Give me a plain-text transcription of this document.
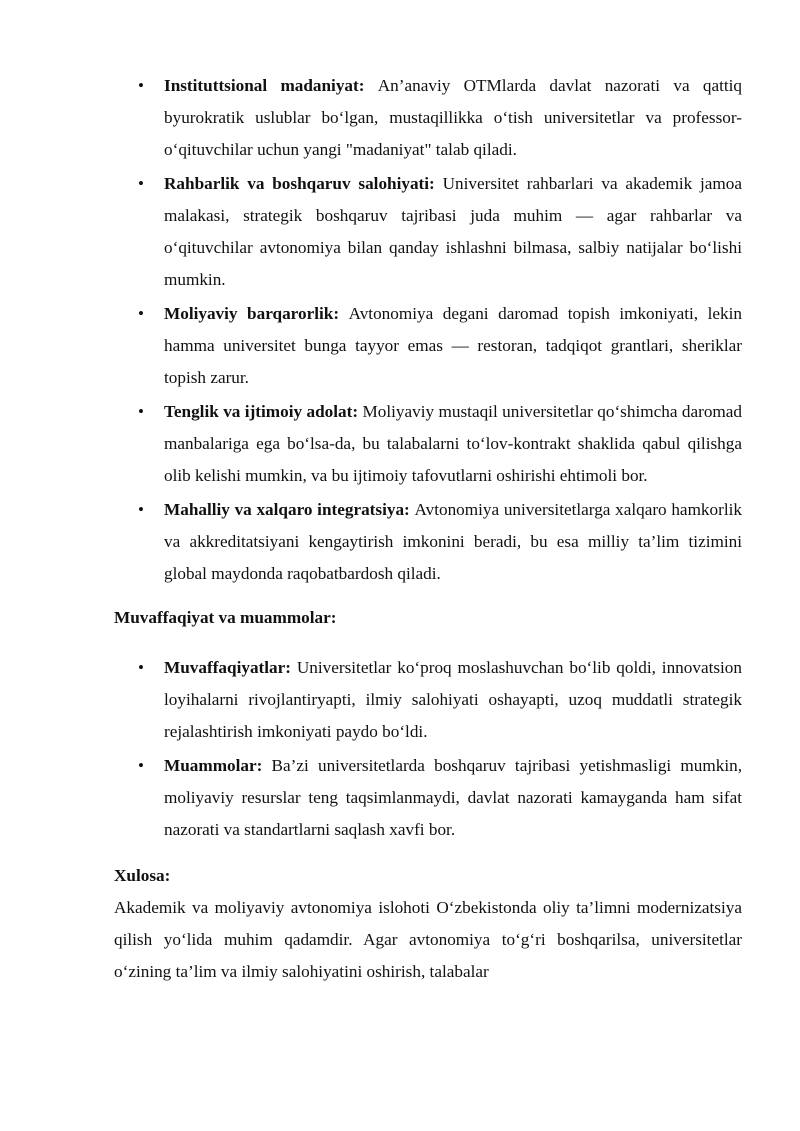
• Instituttsional madaniyat: An’anaviy OTMlarda davlat nazorati va qattiq byurokratik uslublar bo‘lgan, mustaqillikka o‘tish universitetlar va professor-o‘qituvchilar uchun yangi "madaniyat" talab qiladi.
• Rahbarlik va boshqaruv salohiyati: Universitet rahbarlari va akademik jamoa malakasi, strategik boshqaruv tajribasi juda muhim — agar rahbarlar va o‘qituvchilar avtonomiya bilan qanday ishlashni bilmasa, salbiy natijalar bo‘lishi mumkin.
• Moliyaviy barqarorlik: Avtonomiya degani daromad topish imkoniyati, lekin hamma universitet bunga tayyor emas — restoran, tadqiqot grantlari, sheriklar topish zarur.
• Tenglik va ijtimoiy adolat: Moliyaviy mustaqil universitetlar qo‘shimcha daromad manbalariga ega bo‘lsa-da, bu talabalarni to‘lov-kontrakt shaklida qabul qilishga olib kelishi mumkin, va bu ijtimoiy tafovutlarni oshirishi ehtimoli bor.
• Mahalliy va xalqaro integratsiya: Avtonomiya universitetlarga xalqaro hamkorlik va akkreditatsiyani kengaytirish imkonini beradi, bu esa milliy ta’lim tizimini global maydonda raqobatbardosh qiladi.
Muvaffaqiyat va muammolar:
• Muvaffaqiyatlar: Universitetlar ko‘proq moslashuvchan bo‘lib qoldi, innovatsion loyihalarni rivojlantiryapti, ilmiy salohiyati oshayapti, uzoq muddatli strategik rejalashtirish imkoniyati paydo bo‘ldi.
• Muammolar: Ba’zi universitetlarda boshqaruv tajribasi yetishmasligi mumkin, moliyaviy resurslar teng taqsimlanmaydi, davlat nazorati kamayganda ham sifat nazorati va standartlarni saqlash xavfi bor.
Xulosa:

Akademik va moliyaviy avtonomiya islohoti O‘zbekistonda oliy ta’limni modernizatsiya qilish yo‘lida muhim qadamdir. Agar avtonomiya to‘g‘ri boshqarilsa, universitetlar o‘zining ta’lim va ilmiy salohiyatini oshirish, talabalar
